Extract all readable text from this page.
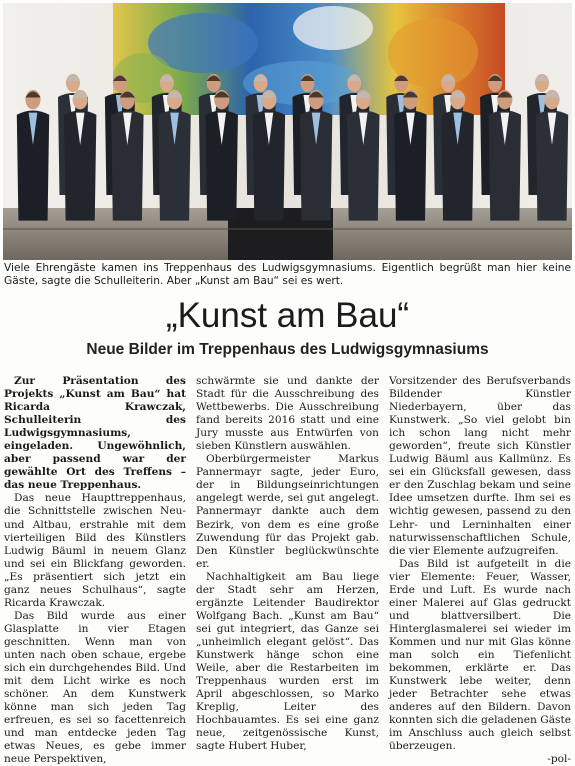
Viele Ehrengäste kamen ins Treppenhaus des Ludwigsgymnasiums. Eigentlich begrüßt man hier keine Gäste, sagte die Schulleiterin. Aber „Kunst am Bau“ sei es wert.
„Kunst am Bau“
Neue Bilder im Treppenhaus des Ludwigsgymnasiums

Zur Präsentation des Projekts „Kunst am Bau“ hat Ricarda Krawczak, Schulleiterin des Ludwigsgymnasiums, eingeladen. Ungewöhnlich, aber passend war der gewählte Ort des Treffens – das neue Treppenhaus.

Das neue Haupttreppenhaus, die Schnittstelle zwischen Neu- und Altbau, erstrahle mit dem vierteiligen Bild des Künstlers Ludwig Bäuml in neuem Glanz und sei ein Blickfang geworden. „Es präsentiert sich jetzt ein ganz neues Schulhaus“, sagte Ricarda Krawczak.

Das Bild wurde aus einer Glasplatte in vier Etagen geschnitten. Wenn man von unten nach oben schaue, ergebe sich ein durchgehendes Bild. Und mit dem Licht wirke es noch schöner. An dem Kunstwerk könne man sich jeden Tag erfreuen, es sei so facettenreich und man entdecke jeden Tag etwas Neues, es gebe immer neue Perspektiven,

schwärmte sie und dankte der Stadt für die Ausschreibung des Wettbewerbs. Die Ausschreibung fand bereits 2016 statt und eine Jury musste aus Entwürfen von sieben Künstlern auswählen.

Oberbürgermeister Markus Pannermayr sagte, jeder Euro, der in Bildungseinrichtungen angelegt werde, sei gut angelegt. Pannermayr dankte auch dem Bezirk, von dem es eine große Zuwendung für das Projekt gab. Den Künstler beglückwünschte er.

Nachhaltigkeit am Bau liege der Stadt sehr am Herzen, ergänzte Leitender Baudirektor Wolfgang Bach. „Kunst am Bau“ sei gut integriert, das Ganze sei „unheimlich elegant gelöst“. Das Kunstwerk hänge schon eine Weile, aber die Restarbeiten im Treppenhaus wurden erst im April abgeschlossen, so Marko Kreplig, Leiter des Hochbauamtes. Es sei eine ganz neue, zeitgenössische Kunst, sagte Hubert Huber,

Vorsitzender des Berufsverbands Bildender Künstler Niederbayern, über das Kunstwerk. „So viel gelobt bin ich schon lang nicht mehr geworden“, freute sich Künstler Ludwig Bäuml aus Kallmünz. Es sei ein Glücksfall gewesen, dass er den Zuschlag bekam und seine Idee umsetzen durfte. Ihm sei es wichtig gewesen, passend zu den Lehr- und Lerninhalten einer naturwissenschaftlichen Schule, die vier Elemente aufzugreifen.

Das Bild ist aufgeteilt in die vier Elemente: Feuer, Wasser, Erde und Luft. Es wurde nach einer Malerei auf Glas gedruckt und blattversilbert. Die Hinterglasmalerei sei wieder im Kommen und nur mit Glas könne man solch ein Tiefenlicht bekommen, erklärte er. Das Kunstwerk lebe weiter, denn jeder Betrachter sehe etwas anderes auf den Bildern. Davon konnten sich die geladenen Gäste im Anschluss auch gleich selbst überzeugen.

-pol-
